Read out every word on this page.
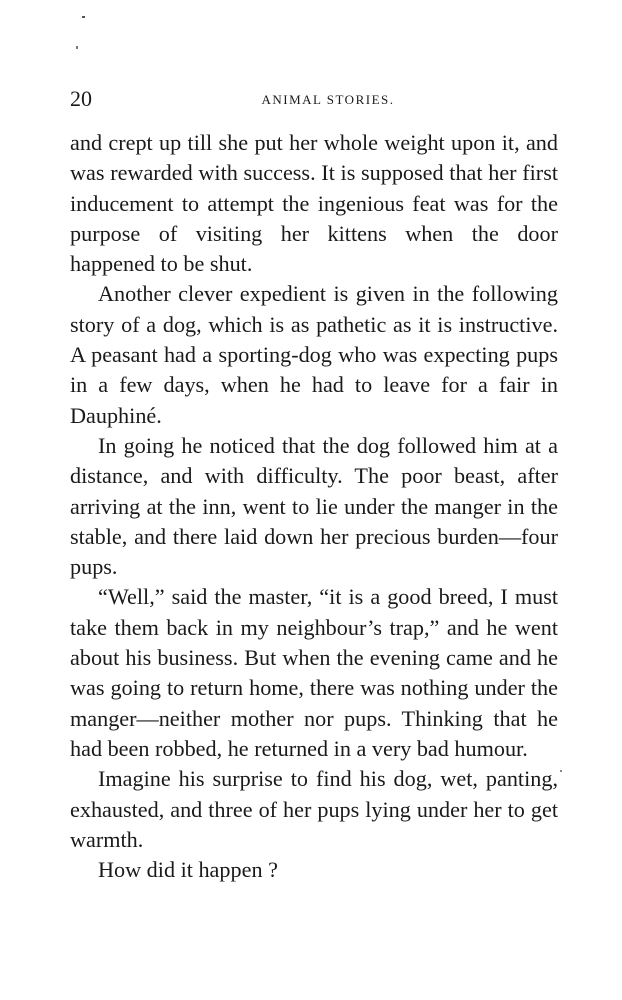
20	ANIMAL STORIES.

and crept up till she put her whole weight upon it, and was rewarded with success. It is supposed that her first inducement to attempt the ingenious feat was for the purpose of visiting her kittens when the door happened to be shut.

Another clever expedient is given in the following story of a dog, which is as pathetic as it is instructive. A peasant had a sporting-dog who was expecting pups in a few days, when he had to leave for a fair in Dauphiné.

In going he noticed that the dog followed him at a distance, and with difficulty. The poor beast, after arriving at the inn, went to lie under the manger in the stable, and there laid down her precious burden—four pups.

“Well,” said the master, “it is a good breed, I must take them back in my neighbour’s trap,” and he went about his business. But when the evening came and he was going to return home, there was nothing under the manger—neither mother nor pups. Thinking that he had been robbed, he returned in a very bad humour.

Imagine his surprise to find his dog, wet, panting, exhausted, and three of her pups lying under her to get warmth.

How did it happen ?
